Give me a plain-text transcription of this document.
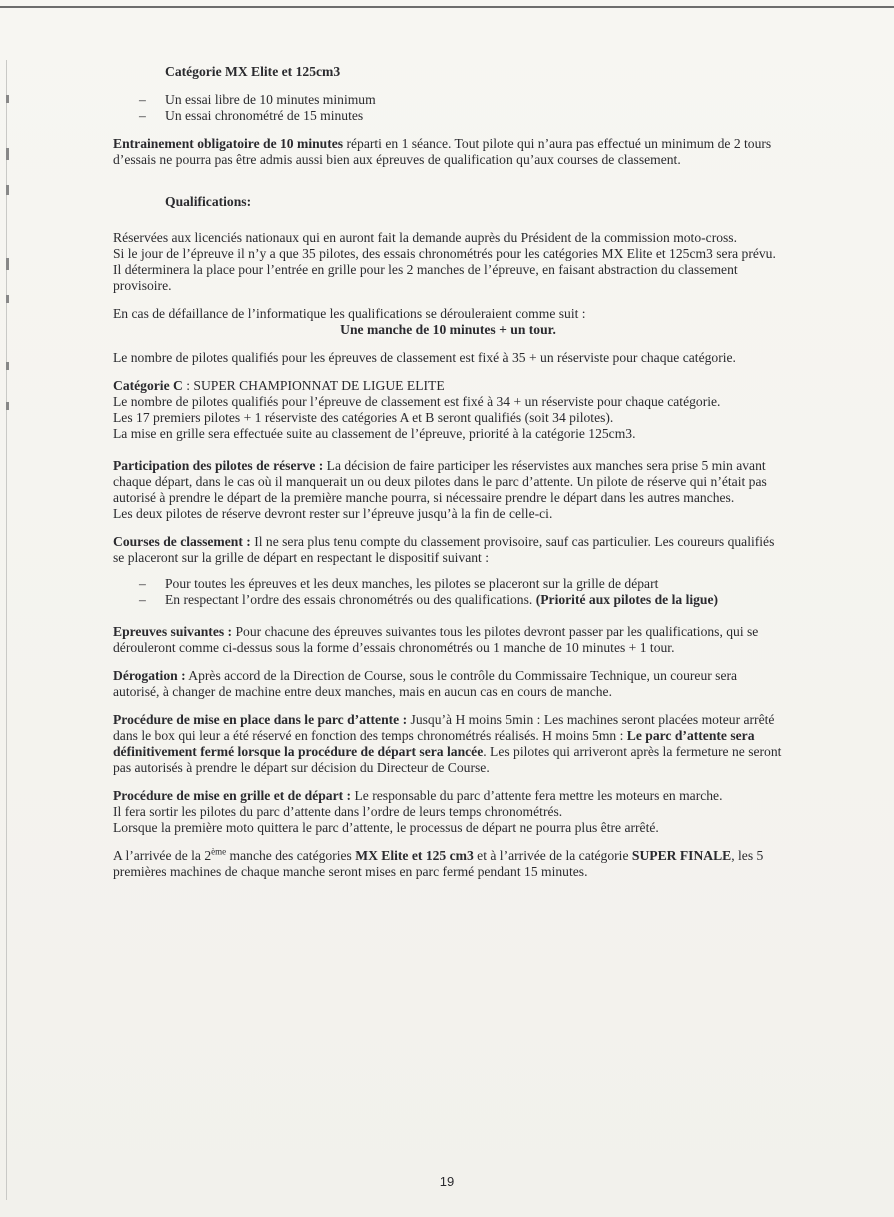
Catégorie MX Elite et 125cm3
– Un essai libre de 10 minutes minimum
– Un essai chronométré de 15 minutes

Entrainement obligatoire de 10 minutes réparti en 1 séance. Tout pilote qui n’aura pas effectué un minimum de 2 tours d’essais ne pourra pas être admis aussi bien aux épreuves de qualification qu’aux courses de classement.

Qualifications:

Réservées aux licenciés nationaux qui en auront fait la demande auprès du Président de la commission moto-cross.
Si le jour de l’épreuve il n’y a que 35 pilotes, des essais chronométrés pour les catégories MX Elite et 125cm3 sera prévu. Il déterminera la place pour l’entrée en grille pour les 2 manches de l’épreuve, en faisant abstraction du classement provisoire.

En cas de défaillance de l’informatique les qualifications se dérouleraient comme suit :

Une manche de 10 minutes + un tour.

Le nombre de pilotes qualifiés pour les épreuves de classement est fixé à 35 + un réserviste pour chaque catégorie.

Catégorie C : SUPER CHAMPIONNAT DE LIGUE ELITE
Le nombre de pilotes qualifiés pour l’épreuve de classement est fixé à 34 + un réserviste pour chaque catégorie.
Les 17 premiers pilotes + 1 réserviste des catégories A et B seront qualifiés (soit 34 pilotes).
La mise en grille sera effectuée suite au classement de l’épreuve, priorité à la catégorie 125cm3.

Participation des pilotes de réserve : La décision de faire participer les réservistes aux manches sera prise 5 min avant chaque départ, dans le cas où il manquerait un ou deux pilotes dans le parc d’attente. Un pilote de réserve qui n’était pas autorisé à prendre le départ de la première manche pourra, si nécessaire prendre le départ dans les autres manches.
Les deux pilotes de réserve devront rester sur l’épreuve jusqu’à la fin de celle-ci.

Courses de classement : Il ne sera plus tenu compte du classement provisoire, sauf cas particulier. Les coureurs qualifiés se placeront sur la grille de départ en respectant le dispositif suivant :

– Pour toutes les épreuves et les deux manches, les pilotes se placeront sur la grille de départ
– En respectant l’ordre des essais chronométrés ou des qualifications. (Priorité aux pilotes de la ligue)

Epreuves suivantes : Pour chacune des épreuves suivantes tous les pilotes devront passer par les qualifications, qui se dérouleront comme ci-dessus sous la forme d’essais chronométrés ou 1 manche de 10 minutes + 1 tour.

Dérogation : Après accord de la Direction de Course, sous le contrôle du Commissaire Technique, un coureur sera autorisé, à changer de machine entre deux manches, mais en aucun cas en cours de manche.

Procédure de mise en place dans le parc d’attente : Jusqu’à H moins 5min : Les machines seront placées moteur arrêté dans le box qui leur a été réservé en fonction des temps chronométrés réalisés. H moins 5mn : Le parc d’attente sera définitivement fermé lorsque la procédure de départ sera lancée. Les pilotes qui arriveront après la fermeture ne seront pas autorisés à prendre le départ sur décision du Directeur de Course.

Procédure de mise en grille et de départ : Le responsable du parc d’attente fera mettre les moteurs en marche.
Il fera sortir les pilotes du parc d’attente dans l’ordre de leurs temps chronométrés.
Lorsque la première moto quittera le parc d’attente, le processus de départ ne pourra plus être arrêté.

A l’arrivée de la 2ème manche des catégories MX Elite et 125 cm3 et à l’arrivée de la catégorie SUPER FINALE, les 5 premières machines de chaque manche seront mises en parc fermé pendant 15 minutes.

19
